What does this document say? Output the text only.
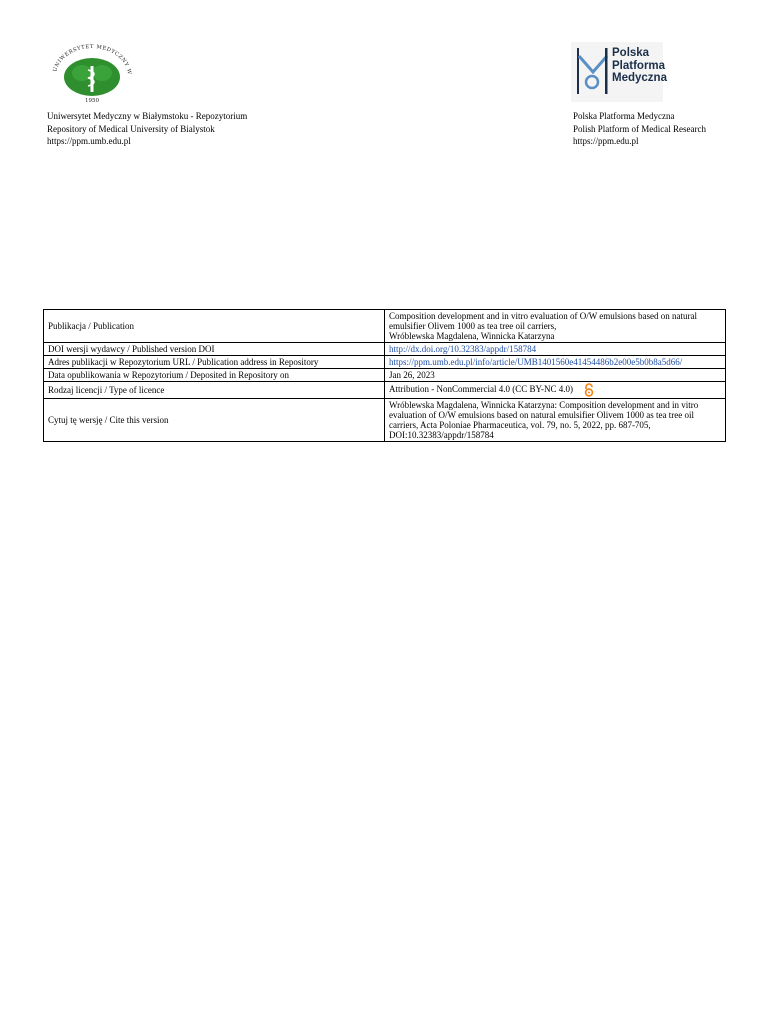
UNIWERSYTET MEDYCZNY W
1950
Polska
Platforma
Medyczna
Uniwersytet Medyczny w Białymstoku - Repozytorium
Repository of Medical University of Bialystok
https://ppm.umb.edu.pl
Polska Platforma Medyczna
Polish Platform of Medical Research
https://ppm.edu.pl
Publikacja / Publication	Composition development and in vitro evaluation of O/W emulsions based on natural emulsifier Olivem 1000 as tea tree oil carriers,
Wróblewska Magdalena, Winnicka Katarzyna

DOI wersji wydawcy / Published version DOI	http://dx.doi.org/10.32383/appdr/158784
Adres publikacji w Repozytorium URL / Publication address in Repository	https://ppm.umb.edu.pl/info/article/UMB1401560e41454486b2e00e5b0b8a5d66/
Data opublikowania w Repozytorium / Deposited in Repository on	Jan 26, 2023
Rodzaj licencji / Type of licence	Attribution - NonCommercial 4.0 (CC BY-NC 4.0)
Cytuj tę wersję / Cite this version	Wróblewska Magdalena, Winnicka Katarzyna: Composition development and in vitro evaluation of O/W emulsions based on natural emulsifier Olivem 1000 as tea tree oil carriers, Acta Poloniae Pharmaceutica, vol. 79, no. 5, 2022, pp. 687-705, DOI:10.32383/appdr/158784
